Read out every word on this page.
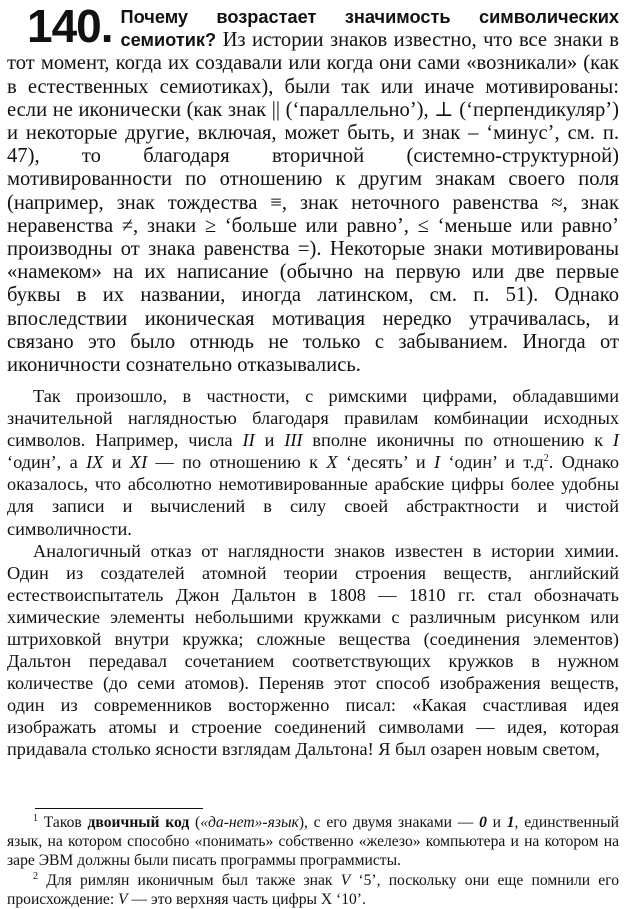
140. Почему возрастает значимость символических семиотик? Из истории знаков известно, что все знаки в тот момент, когда их создавали или когда они сами «возникали» (как в естественных семиотиках), были так или иначе мотивированы: если не иконически (как знак || (‘параллельно’), ⊥ (‘перпендикуляр’) и некоторые другие, включая, может быть, и знак – ‘минус’, см. п. 47), то благодаря вторичной (системно-структурной) мотивированности по отношению к другим знакам своего поля (например, знак тождества ≡, знак неточного равенства ≈, знак неравенства ≠, знаки ≥ ‘больше или равно’, ≤ ‘меньше или равно’ производны от знака равенства =). Некоторые знаки мотивированы «намеком» на их написание (обычно на первую или две первые буквы в их названии, иногда латинском, см. п. 51). Однако впоследствии иконическая мотивация нередко утрачивалась, и связано это было отнюдь не только с забыванием. Иногда от иконичности сознательно отказывались.

Так произошло, в частности, с римскими цифрами, обладавшими значительной наглядностью благодаря правилам комбинации исходных символов. Например, числа II и III вполне иконичны по отношению к I ‘один’, а IX и XI — по отношению к X ‘десять’ и I ‘один’ и $т.д^2$. Однако оказалось, что абсолютно немотивированные арабские цифры более удобны для записи и вычислений в силу своей абстрактности и чистой символичности.

Аналогичный отказ от наглядности знаков известен в истории химии. Один из создателей атомной теории строения веществ, английский естествоиспытатель Джон Дальтон в 1808 — 1810 гг. стал обозначать химические элементы небольшими кружками с различным рисунком или штриховкой внутри кружка; сложные вещества (соединения элементов) Дальтон передавал сочетанием соответствующих кружков в нужном количестве (до семи атомов). Переняв этот способ изображения веществ, один из современников восторженно писал: «Какая счастливая идея изображать атомы и строение соединений символами — идея, которая придавала столько ясности взглядам Дальтона! Я был озарен новым светом,

$^1$ Таков двоичный код («да-нет»-язык), с его двумя знаками — 0 и 1, единственный язык, на котором способно «понимать» собственно «железо» компьютера и на котором на заре ЭВМ должны были писать программы программисты.

$^2$ Для римлян иконичным был также знак V ‘5’, поскольку они еще помнили его происхождение: V — это верхняя часть цифры Х ‘10’.
